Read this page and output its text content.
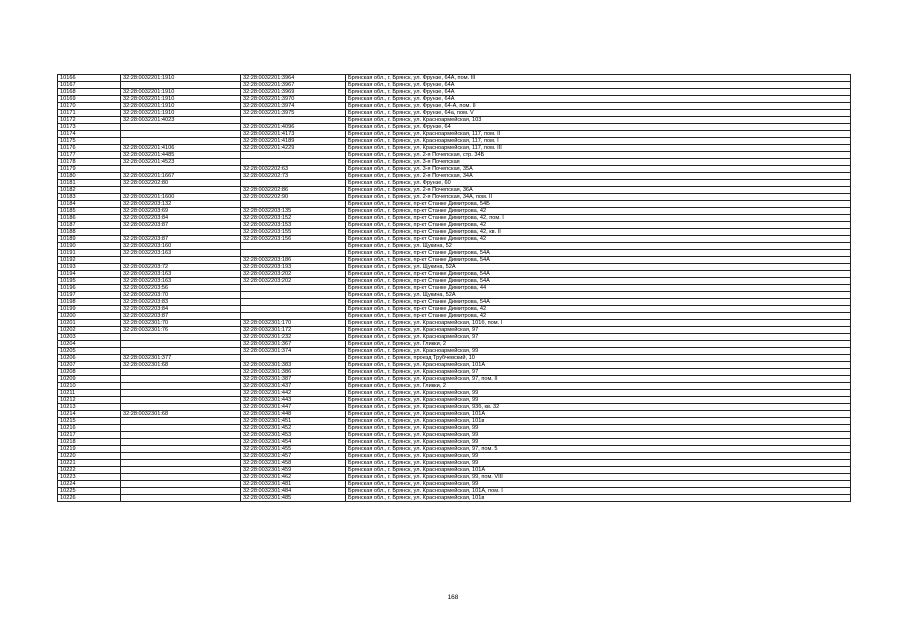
10166	32:28:0032201:1910	32:28:0032201:3964	Брянская обл., г. Брянск, ул. Фрунзе, 64А, пом. III
10167		32:28:0032201:3967	Брянская обл., г. Брянск, ул. Фрунзе, 64А
10168	32:28:0032201:1910	32:28:0032201:3969	Брянская обл., г. Брянск, ул. Фрунзе, 64А
10169	32:28:0032201:1910	32:28:0032201:3970	Брянская обл., г. Брянск, ул. Фрунзе, 64А
10170	32:28:0032201:1910	32:28:0032201:3974	Брянская обл., г. Брянск, ул. Фрунзе, 64-А, пом. II
10171	32:28:0032201:1910	32:28:0032201:3975	Брянская обл., г. Брянск, ул. Фрунзе, 64а, пом. V
10172	32:28:0032201:4023		Брянская обл., г. Брянск, ул. Красноармейская, 103
10173		32:28:0032201:4096	Брянская обл., г. Брянск, ул. Фрунзе, 64
10174		32:28:0032201:4173	Брянская обл., г. Брянск, ул. Красноармейская, 117, пом. II
10175		32:28:0032201:4189	Брянская обл., г. Брянск, ул. Красноармейская, 117, пом. I
10176	32:28:0032201:4106	32:28:0032201:4229	Брянская обл., г. Брянск, ул. Красноармейская, 117, пом. III
10177	32:28:0032201:4485		Брянская обл., г. Брянск, ул. 2-я Почепская, стр. 34Б
10178	32:28:0032201:4523		Брянская обл., г. Брянск, ул. 3-я Почепская
10179		32:28:0032202:63	Брянская обл., г. Брянск, ул. 3-я Почепская, 35А
10180	32:28:0032201:1667	32:28:0032202:73	Брянская обл., г. Брянск, ул. 2-я Почепская, 34А
10181	32:28:0032202:80		Брянская обл., г. Брянск, ул. Фрунзе, 60
10182		32:28:0032202:86	Брянская обл., г. Брянск, ул. 2-я Почепская, 36А
10183	32:28:0032201:1600	32:28:0032202:90	Брянская обл., г. Брянск, ул. 2-я Почепская, 34А, пом. II
10184	32:28:0032203:132		Брянская обл., г. Брянск, пр-кт Станке Димитрова, 54Б
10185	32:28:0032203:69	32:28:0032203:135	Брянская обл., г. Брянск, пр-кт Станке Димитрова, 42
10186	32:28:0032203:84	32:28:0032203:152	Брянская обл., г. Брянск, пр-кт Станке Димитрова, 42, пом. I
10187	32:28:0032203:87	32:28:0032203:153	Брянская обл., г. Брянск, пр-кт Станке Димитрова, 42
10188		32:28:0032203:155	Брянская обл., г. Брянск, пр-кт Станке Димитрова, 42, кв. II
10189	32:28:0032203:87	32:28:0032203:156	Брянская обл., г. Брянск, пр-кт Станке Димитрова, 42
10190	32:28:0032203:160		Брянская обл., г. Брянск, ул. Щукина, 52
10191	32:28:0032203:163		Брянская обл., г. Брянск, пр-кт Станке Димитрова, 54А
10192		32:28:0032203:186	Брянская обл., г. Брянск, пр-кт Станке Димитрова, 54А
10193	32:28:0032203:72	32:28:0032203:193	Брянская обл., г. Брянск, ул. Щукина, 52А
10194	32:28:0032203:163	32:28:0032203:202	Брянская обл., г. Брянск, пр-кт Станке Димитрова, 54А
10195	32:28:0032203:163	32:28:0032203:202	Брянская обл., г. Брянск, пр-кт Станке Димитрова, 54А
10196	32:28:0032203:56		Брянская обл., г. Брянск, пр-кт Станке Димитрова, 44
10197	32:28:0032203:70		Брянская обл., г. Брянск, ул. Щукина, 52А
10198	32:28:0032203:83		Брянская обл., г. Брянск, пр-кт Станке Димитрова, 54А
10199	32:28:0032203:84		Брянская обл., г. Брянск, пр-кт Станке Димитрова, 42
10200	32:28:0032203:87		Брянская обл., г. Брянск, пр-кт Станке Димитрова, 42
10201	32:28:0032301:70	32:28:0032301:170	Брянская обл., г. Брянск, ул. Красноармейская, 101б, пом. I
10202	32:28:0032301:76	32:28:0032301:172	Брянская обл., г. Брянск, ул. Красноармейская, 97
10203		32:28:0032301:232	Брянская обл., г. Брянск, ул. Красноармейская, 97
10204		32:28:0032301:367	Брянская обл., г. Брянск, ул. Гликки, 2
10205		32:28:0032301:374	Брянская обл., г. Брянск, ул. Красноармейская, 99
10206	32:28:0032301:377		Брянская обл., г. Брянск, проезд Трубчевский, 10
10207	32:28:0032301:68	32:28:0032301:383	Брянская обл., г. Брянск, ул. Красноармейская, 101А
10208		32:28:0032301:386	Брянская обл., г. Брянск, ул. Красноармейская, 97
10209		32:28:0032301:387	Брянская обл., г. Брянск, ул. Красноармейская, 97, пом. II
10210		32:28:0032301:437	Брянская обл., г. Брянск, ул. Гликки, 2
10211		32:28:0032301:442	Брянская обл., г. Брянск, ул. Красноармейская, 99
10212		32:28:0032301:443	Брянская обл., г. Брянск, ул. Красноармейская, 99
10213		32:28:0032301:447	Брянская обл., г. Брянск, ул. Красноармейская, 93б, кв. 32
10214	32:28:0032301:68	32:28:0032301:448	Брянская обл., г. Брянск, ул. Красноармейская, 101А
10215		32:28:0032301:451	Брянская обл., г. Брянск, ул. Красноармейская, 101в
10216		32:28:0032301:452	Брянская обл., г. Брянск, ул. Красноармейская, 99
10217		32:28:0032301:453	Брянская обл., г. Брянск, ул. Красноармейская, 99
10218		32:28:0032301:454	Брянская обл., г. Брянск, ул. Красноармейская, 99
10219		32:28:0032301:455	Брянская обл., г. Брянск, ул. Красноармейская, 97, пом. 5
10220		32:28:0032301:457	Брянская обл., г. Брянск, ул. Красноармейская, 99
10221		32:28:0032301:458	Брянская обл., г. Брянск, ул. Красноармейская, 99
10222		32:28:0032301:459	Брянская обл., г. Брянск, ул. Красноармейская, 101А
10223		32:28:0032301:462	Брянская обл., г. Брянск, ул. Красноармейская, 99, пом. VIII
10224		32:28:0032301:481	Брянская обл., г. Брянск, ул. Красноармейская, 99
10225		32:28:0032301:484	Брянская обл., г. Брянск, ул. Красноармейская, 101А, пом. I
10226		32:28:0032301:485	Брянская обл., г. Брянск, ул. Красноармейская, 101в
168
